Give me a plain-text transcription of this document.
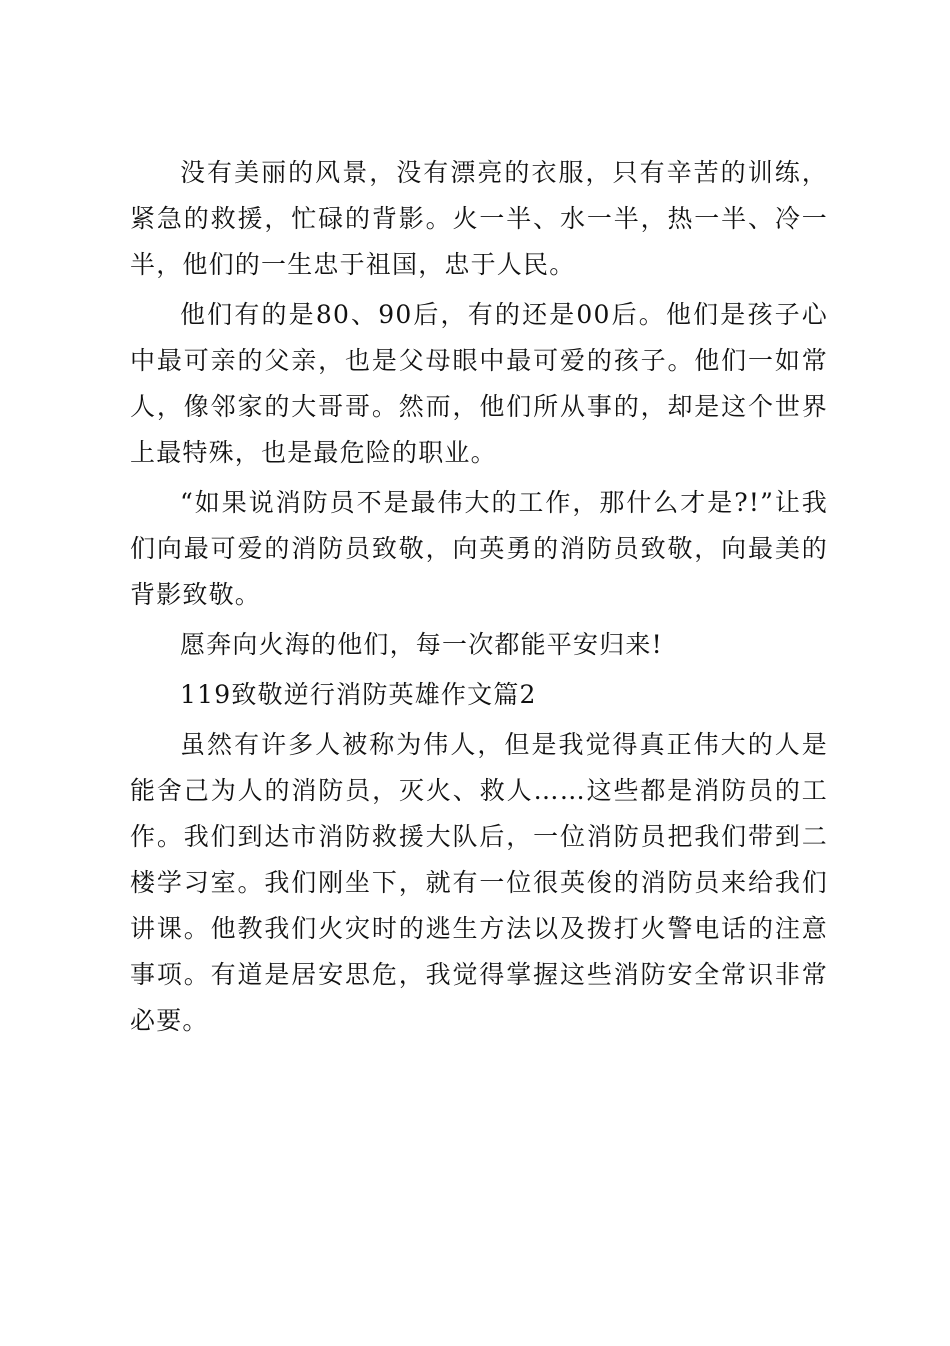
没有美丽的风景，没有漂亮的衣服，只有辛苦的训练，紧急的救援，忙碌的背影。火一半、水一半，热一半、冷一半，他们的一生忠于祖国，忠于人民。

他们有的是80、90后，有的还是00后。他们是孩子心中最可亲的父亲，也是父母眼中最可爱的孩子。他们一如常人，像邻家的大哥哥。然而，他们所从事的，却是这个世界上最特殊，也是最危险的职业。

“如果说消防员不是最伟大的工作，那什么才是?!”让我们向最可爱的消防员致敬，向英勇的消防员致敬，向最美的背影致敬。

愿奔向火海的他们，每一次都能平安归来!

119致敬逆行消防英雄作文篇2

虽然有许多人被称为伟人，但是我觉得真正伟大的人是能舍己为人的消防员，灭火、救人……这些都是消防员的工作。我们到达市消防救援大队后，一位消防员把我们带到二楼学习室。我们刚坐下，就有一位很英俊的消防员来给我们讲课。他教我们火灾时的逃生方法以及拨打火警电话的注意事项。有道是居安思危，我觉得掌握这些消防安全常识非常必要。
